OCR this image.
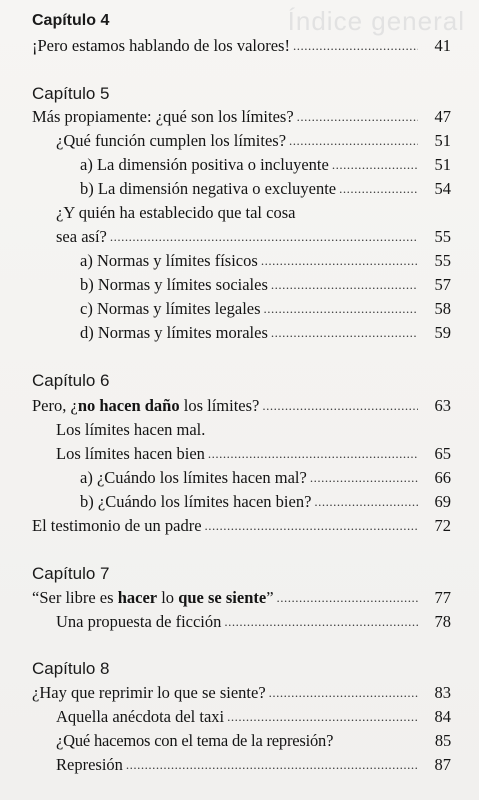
Índice general
Capítulo 4
¡Pero estamos hablando de los valores! .....	41
Capítulo 5
Más propiamente: ¿qué son los límites? .....	47
¿Qué función cumplen los límites? .....	51
a) La dimensión positiva o incluyente .....	51
b) La dimensión negativa o excluyente .....	54
¿Y quién ha establecido que tal cosa
sea así? .....	55
a) Normas y límites físicos .....	55
b) Normas y límites sociales .....	57
c) Normas y límites legales .....	58
d) Normas y límites morales .....	59
Capítulo 6
Pero, ¿no hacen daño los límites? .....	63
Los límites hacen mal.
Los límites hacen bien .....	65
a) ¿Cuándo los límites hacen mal? .....	66
b) ¿Cuándo los límites hacen bien? .....	69
El testimonio de un padre .....	72
Capítulo 7
“Ser libre es hacer lo que se siente” .....	77
Una propuesta de ficción .....	78
Capítulo 8
¿Hay que reprimir lo que se siente? .....	83
Aquella anécdota del taxi .....	84
¿Qué hacemos con el tema de la represión?	85
Represión .....	87
